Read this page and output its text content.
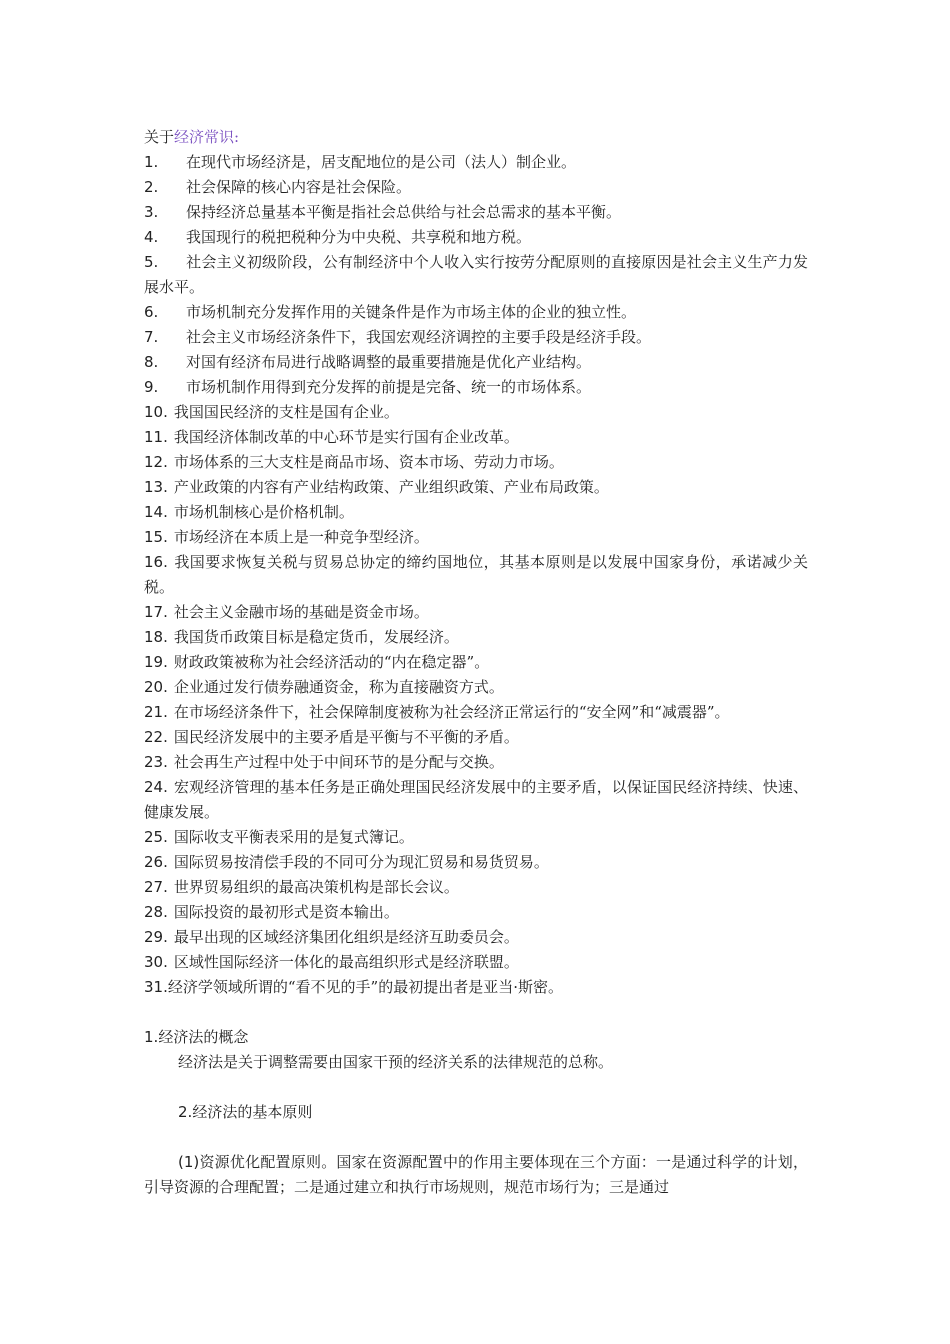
关于经济常识:
1. 在现代市场经济是，居支配地位的是公司（法人）制企业。
2. 社会保障的核心内容是社会保险。
3. 保持经济总量基本平衡是指社会总供给与社会总需求的基本平衡。
4. 我国现行的税把税种分为中央税、共享税和地方税。
5. 社会主义初级阶段，公有制经济中个人收入实行按劳分配原则的直接原因是社会主义生产力发展水平。
6. 市场机制充分发挥作用的关键条件是作为市场主体的企业的独立性。
7. 社会主义市场经济条件下，我国宏观经济调控的主要手段是经济手段。
8. 对国有经济布局进行战略调整的最重要措施是优化产业结构。
9. 市场机制作用得到充分发挥的前提是完备、统一的市场体系。
10. 我国国民经济的支柱是国有企业。
11. 我国经济体制改革的中心环节是实行国有企业改革。
12. 市场体系的三大支柱是商品市场、资本市场、劳动力市场。
13. 产业政策的内容有产业结构政策、产业组织政策、产业布局政策。
14. 市场机制核心是价格机制。
15. 市场经济在本质上是一种竞争型经济。
16. 我国要求恢复关税与贸易总协定的缔约国地位，其基本原则是以发展中国家身份，承诺减少关税。
17. 社会主义金融市场的基础是资金市场。
18. 我国货币政策目标是稳定货币，发展经济。
19. 财政政策被称为社会经济活动的“内在稳定器”。
20. 企业通过发行债券融通资金，称为直接融资方式。
21. 在市场经济条件下，社会保障制度被称为社会经济正常运行的“安全网”和“减震器”。
22. 国民经济发展中的主要矛盾是平衡与不平衡的矛盾。
23. 社会再生产过程中处于中间环节的是分配与交换。
24. 宏观经济管理的基本任务是正确处理国民经济发展中的主要矛盾，以保证国民经济持续、快速、健康发展。
25. 国际收支平衡表采用的是复式簿记。
26. 国际贸易按清偿手段的不同可分为现汇贸易和易货贸易。
27. 世界贸易组织的最高决策机构是部长会议。
28. 国际投资的最初形式是资本输出。
29. 最早出现的区域经济集团化组织是经济互助委员会。
30. 区域性国际经济一体化的最高组织形式是经济联盟。
31.经济学领域所谓的“看不见的手”的最初提出者是亚当·斯密。
1.经济法的概念
经济法是关于调整需要由国家干预的经济关系的法律规范的总称。
2.经济法的基本原则
(1)资源优化配置原则。国家在资源配置中的作用主要体现在三个方面：一是通过科学的计划，引导资源的合理配置；二是通过建立和执行市场规则，规范市场行为；三是通过
